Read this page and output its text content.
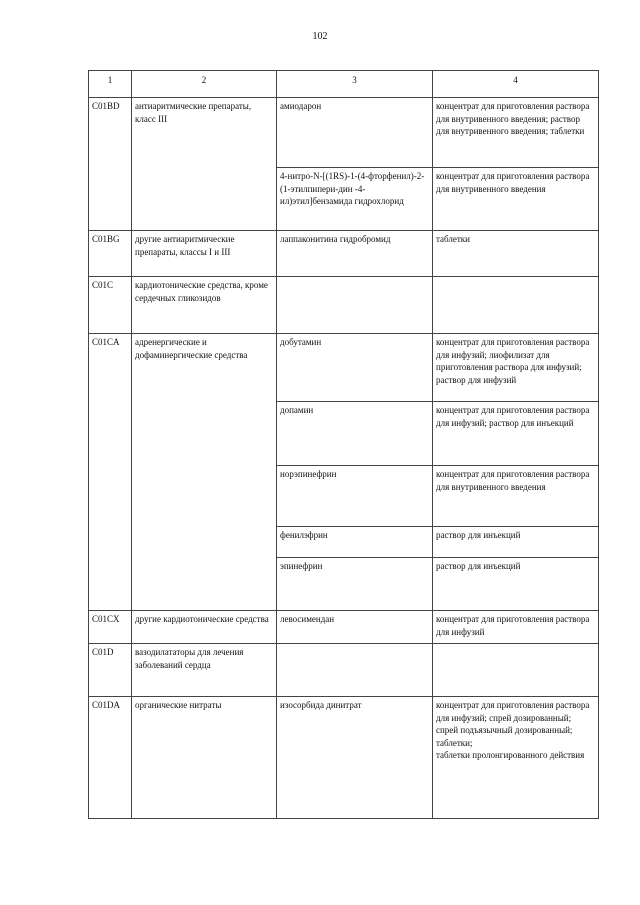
102
1	2	3	4
C01BD	антиаритмические препараты, класс III	амиодарон	концентрат для приготовления раствора для внутривенного введения; раствор для внутривенного введения; таблетки
		4-нитро-N-[(1RS)-1-(4-фторфенил)-2-(1-этилпипери-дин -4-ил)этил]бензамида гидрохлорид	концентрат для приготовления раствора для внутривенного введения
C01BG	другие антиаритмические препараты, классы I и III	лаппаконитина гидробромид	таблетки
C01C	кардиотонические средства, кроме сердечных гликозидов		
C01CA	адренергические и дофаминергические средства	добутамин	концентрат для приготовления раствора для инфузий; лиофилизат для приготовления раствора для инфузий; раствор для инфузий
		допамин	концентрат для приготовления раствора для инфузий; раствор для инъекций
		норэпинефрин	концентрат для приготовления раствора для внутривенного введения
		фенилэфрин	раствор для инъекций
		эпинефрин	раствор для инъекций
C01CX	другие кардиотонические средства	левосимендан	концентрат для приготовления раствора для инфузий
C01D	вазодилататоры для лечения заболеваний сердца		
C01DA	органические нитраты	изосорбида динитрат	концентрат для приготовления раствора для инфузий; спрей дозированный; спрей подъязычный дозированный;
таблетки;
таблетки пролонгированного действия
